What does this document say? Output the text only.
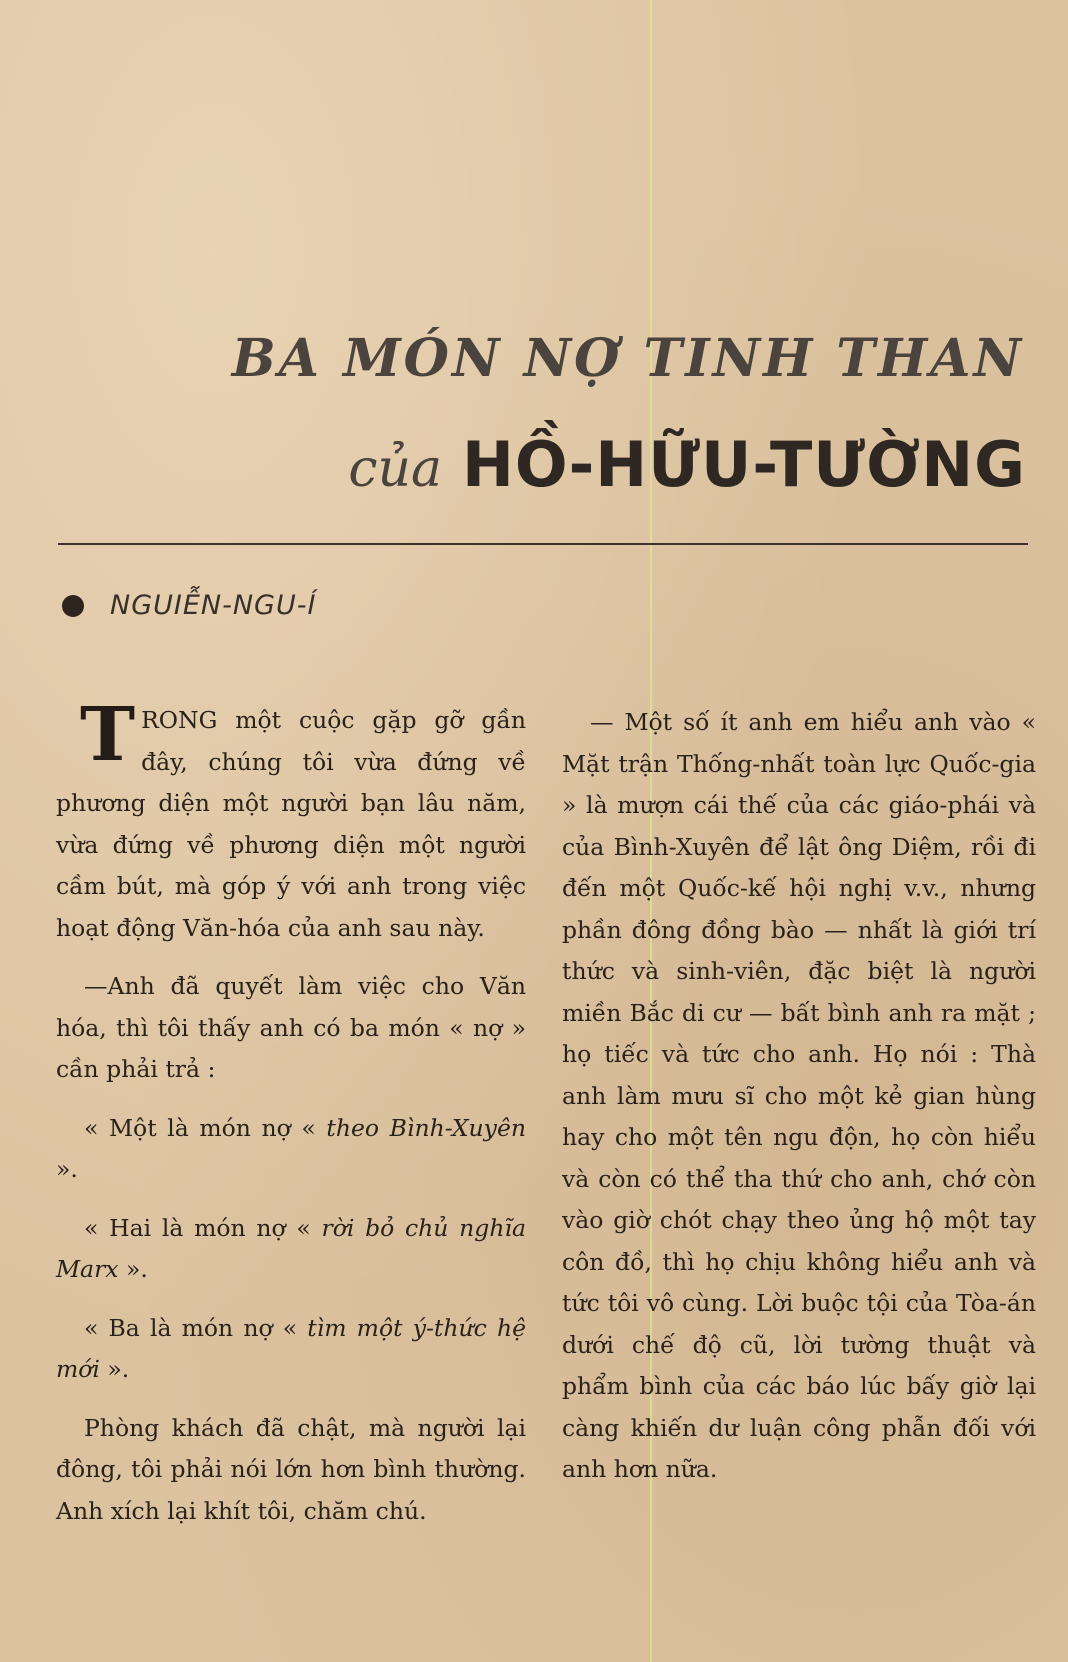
BA MÓN NỢ TINH THAN
của HỒ-HỮU-TƯỜNG
NGUIỄN-NGU-Í

TRONG một cuộc gặp gỡ gần đây, chúng tôi vừa đứng về phương diện một người bạn lâu năm, vừa đứng về phương diện một người cầm bút, mà góp ý với anh trong việc hoạt động Văn-hóa của anh sau này.

—Anh đã quyết làm việc cho Văn hóa, thì tôi thấy anh có ba món « nợ » cần phải trả :

« Một là món nợ « theo Bình-Xuyên ».

« Hai là món nợ « rời bỏ chủ nghĩa Marx ».

« Ba là món nợ « tìm một ý-thức hệ mới ».

Phòng khách đã chật, mà người lại đông, tôi phải nói lớn hơn bình thường. Anh xích lại khít tôi, chăm chú.

— Một số ít anh em hiểu anh vào « Mặt trận Thống-nhất toàn lực Quốc-gia » là mượn cái thế của các giáo-phái và của Bình-Xuyên để lật ông Diệm, rồi đi đến một Quốc-kế hội nghị v.v., nhưng phần đông đồng bào — nhất là giới trí thức và sinh-viên, đặc biệt là người miền Bắc di cư — bất bình anh ra mặt ; họ tiếc và tức cho anh. Họ nói : Thà anh làm mưu sĩ cho một kẻ gian hùng hay cho một tên ngu độn, họ còn hiểu và còn có thể tha thứ cho anh, chớ còn vào giờ chót chạy theo ủng hộ một tay côn đồ, thì họ chịu không hiểu anh và tức tôi vô cùng. Lời buộc tội của Tòa-án dưới chế độ cũ, lời tường thuật và phẩm bình của các báo lúc bấy giờ lại càng khiến dư luận công phẫn đối với anh hơn nữa.
